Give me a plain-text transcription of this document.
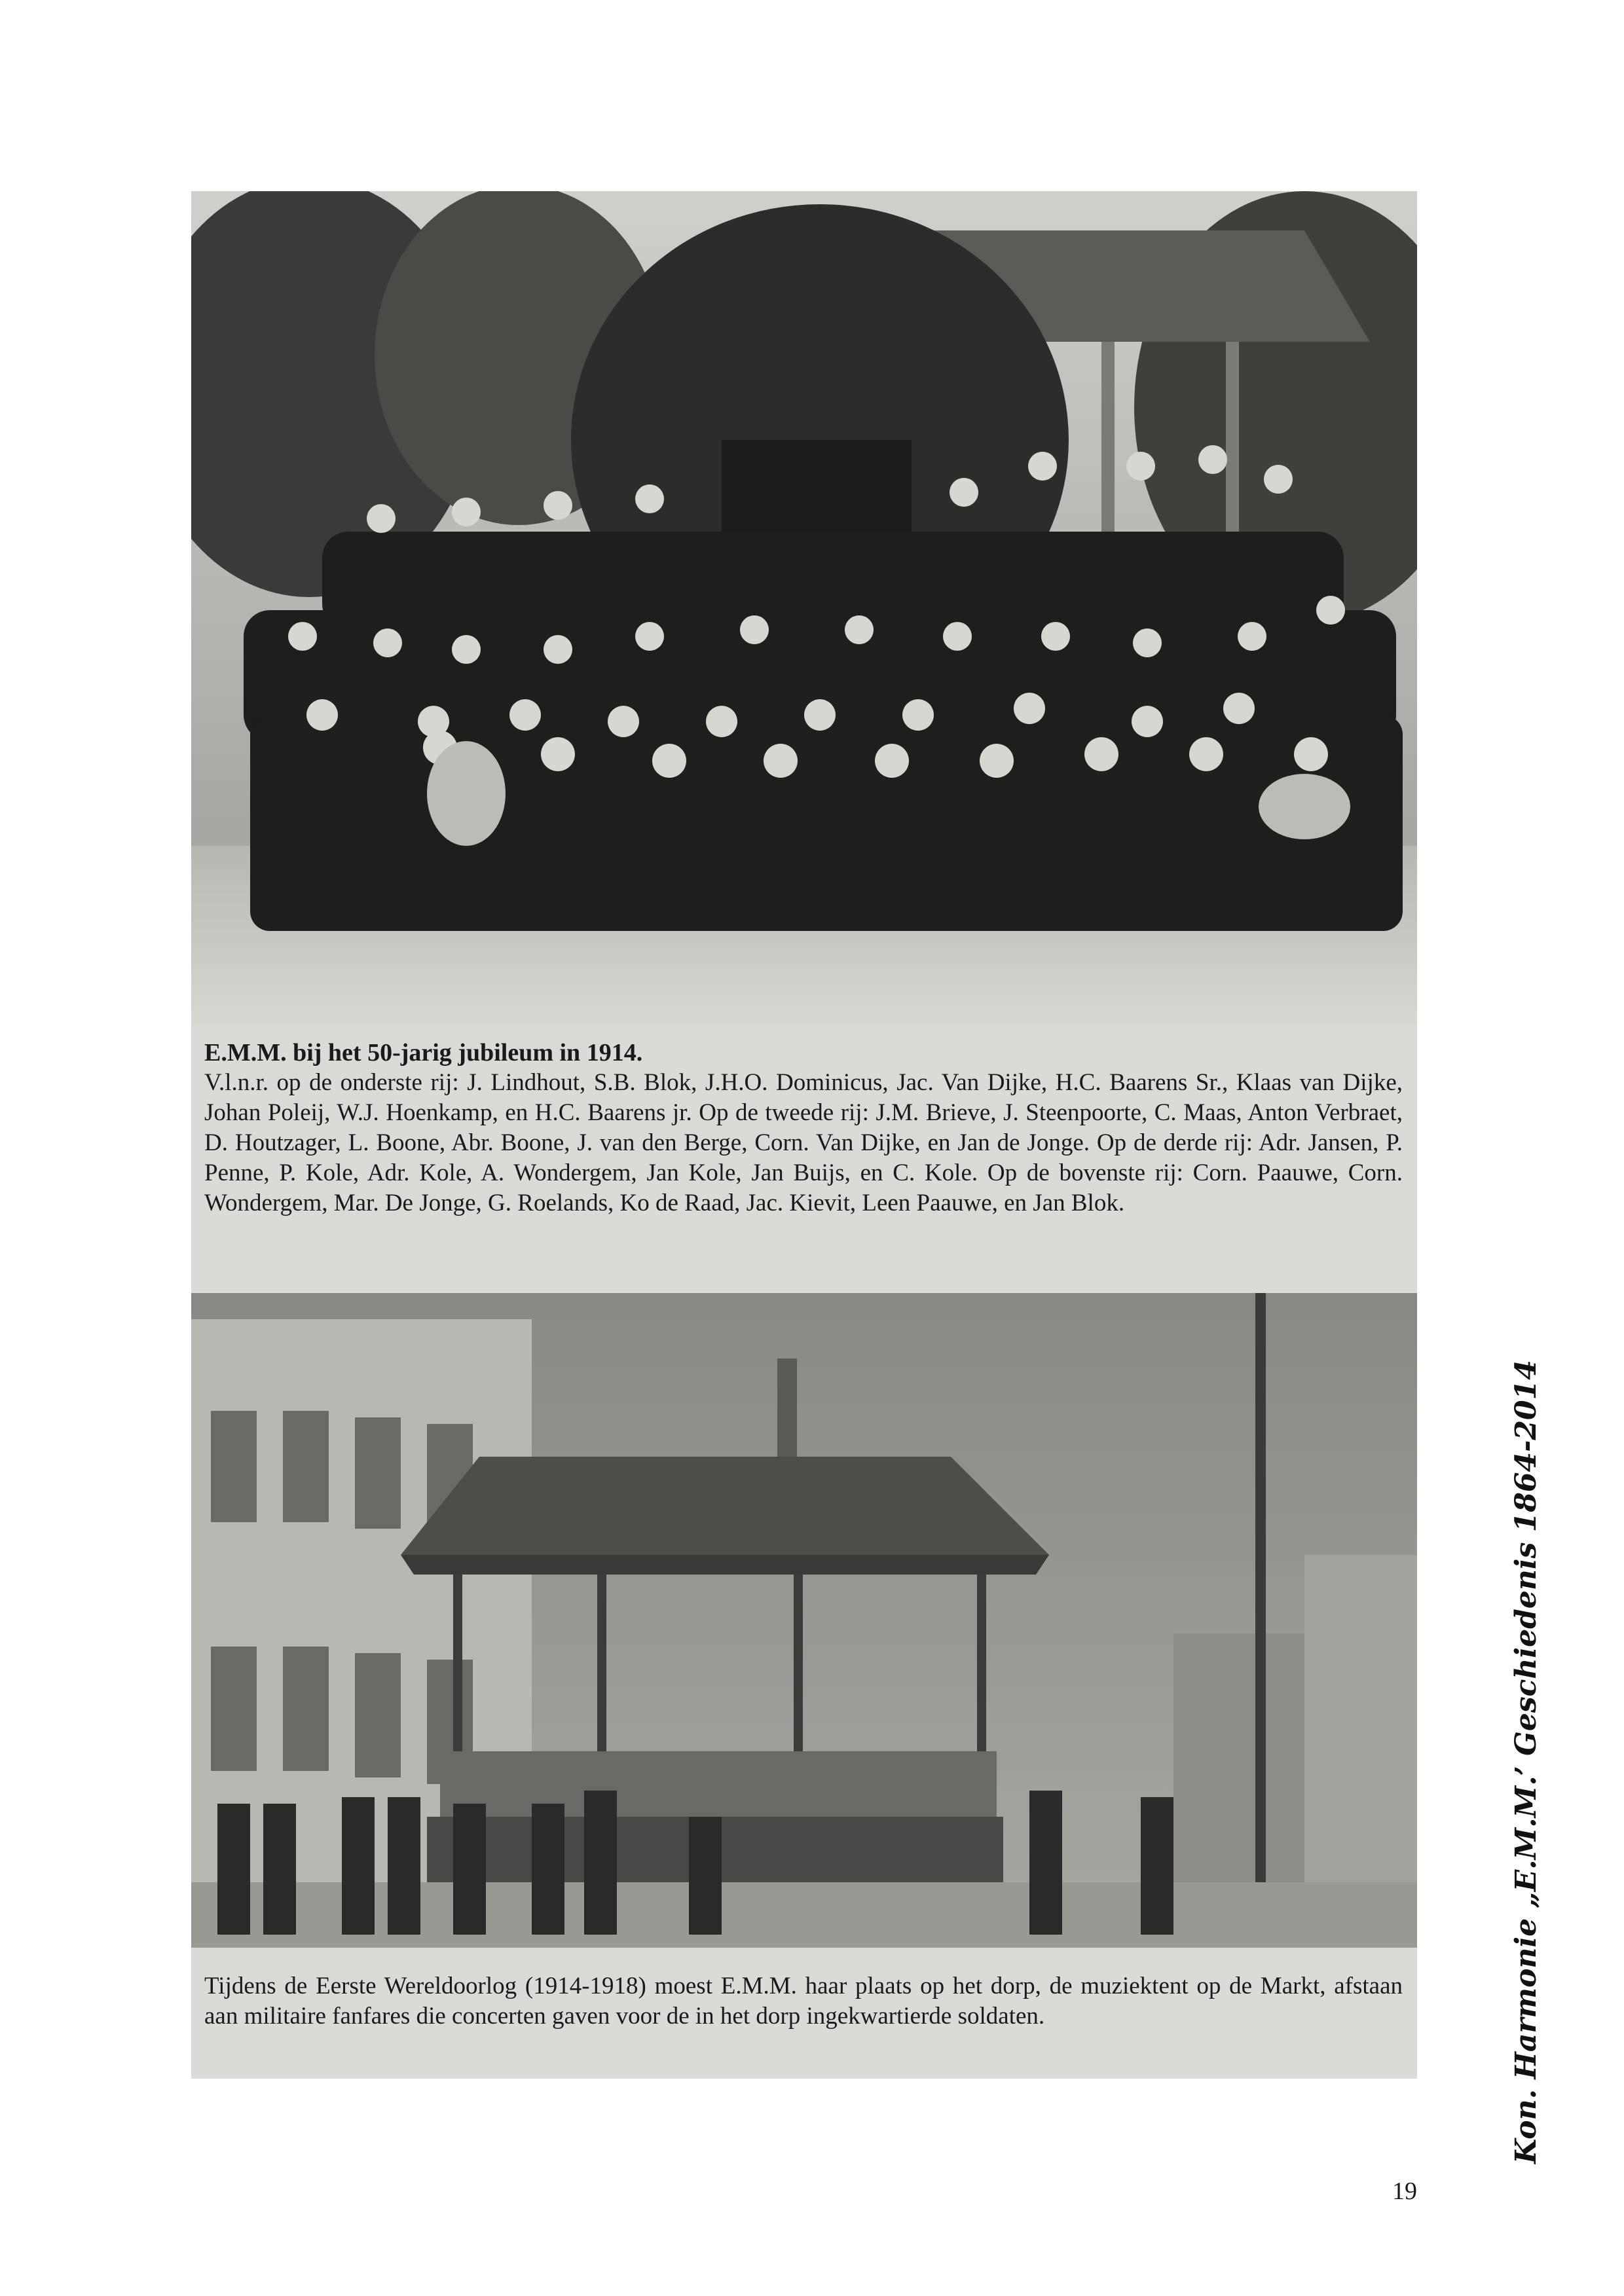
E.M.M. bij het 50-jarig jubileum in 1914.

V.l.n.r. op de onderste rij: J. Lindhout, S.B. Blok, J.H.O. Dominicus, Jac. Van Dijke, H.C. Baarens Sr., Klaas van Dijke, Johan Poleij, W.J. Hoenkamp, en H.C. Baarens jr. Op de tweede rij: J.M. Brieve, J. Steenpoorte, C. Maas, Anton Verbraet, D. Houtzager, L. Boone, Abr. Boone, J. van den Berge, Corn. Van Dijke, en Jan de Jonge. Op de derde rij: Adr. Jansen, P. Penne, P. Kole, Adr. Kole, A. Wondergem, Jan Kole, Jan Buijs, en C. Kole. Op de bovenste rij: Corn. Paauwe, Corn. Wondergem, Mar. De Jonge, G. Roelands, Ko de Raad, Jac. Kievit, Leen Paauwe, en Jan Blok.

Tijdens de Eerste Wereldoorlog (1914-1918) moest E.M.M. haar plaats op het dorp, de muziektent op de Markt, afstaan aan militaire fanfares die concerten gaven voor de in het dorp ingekwartierde soldaten.	Kon. Harmonie „E.M.M.’ Geschiedenis 1864-2014
19
